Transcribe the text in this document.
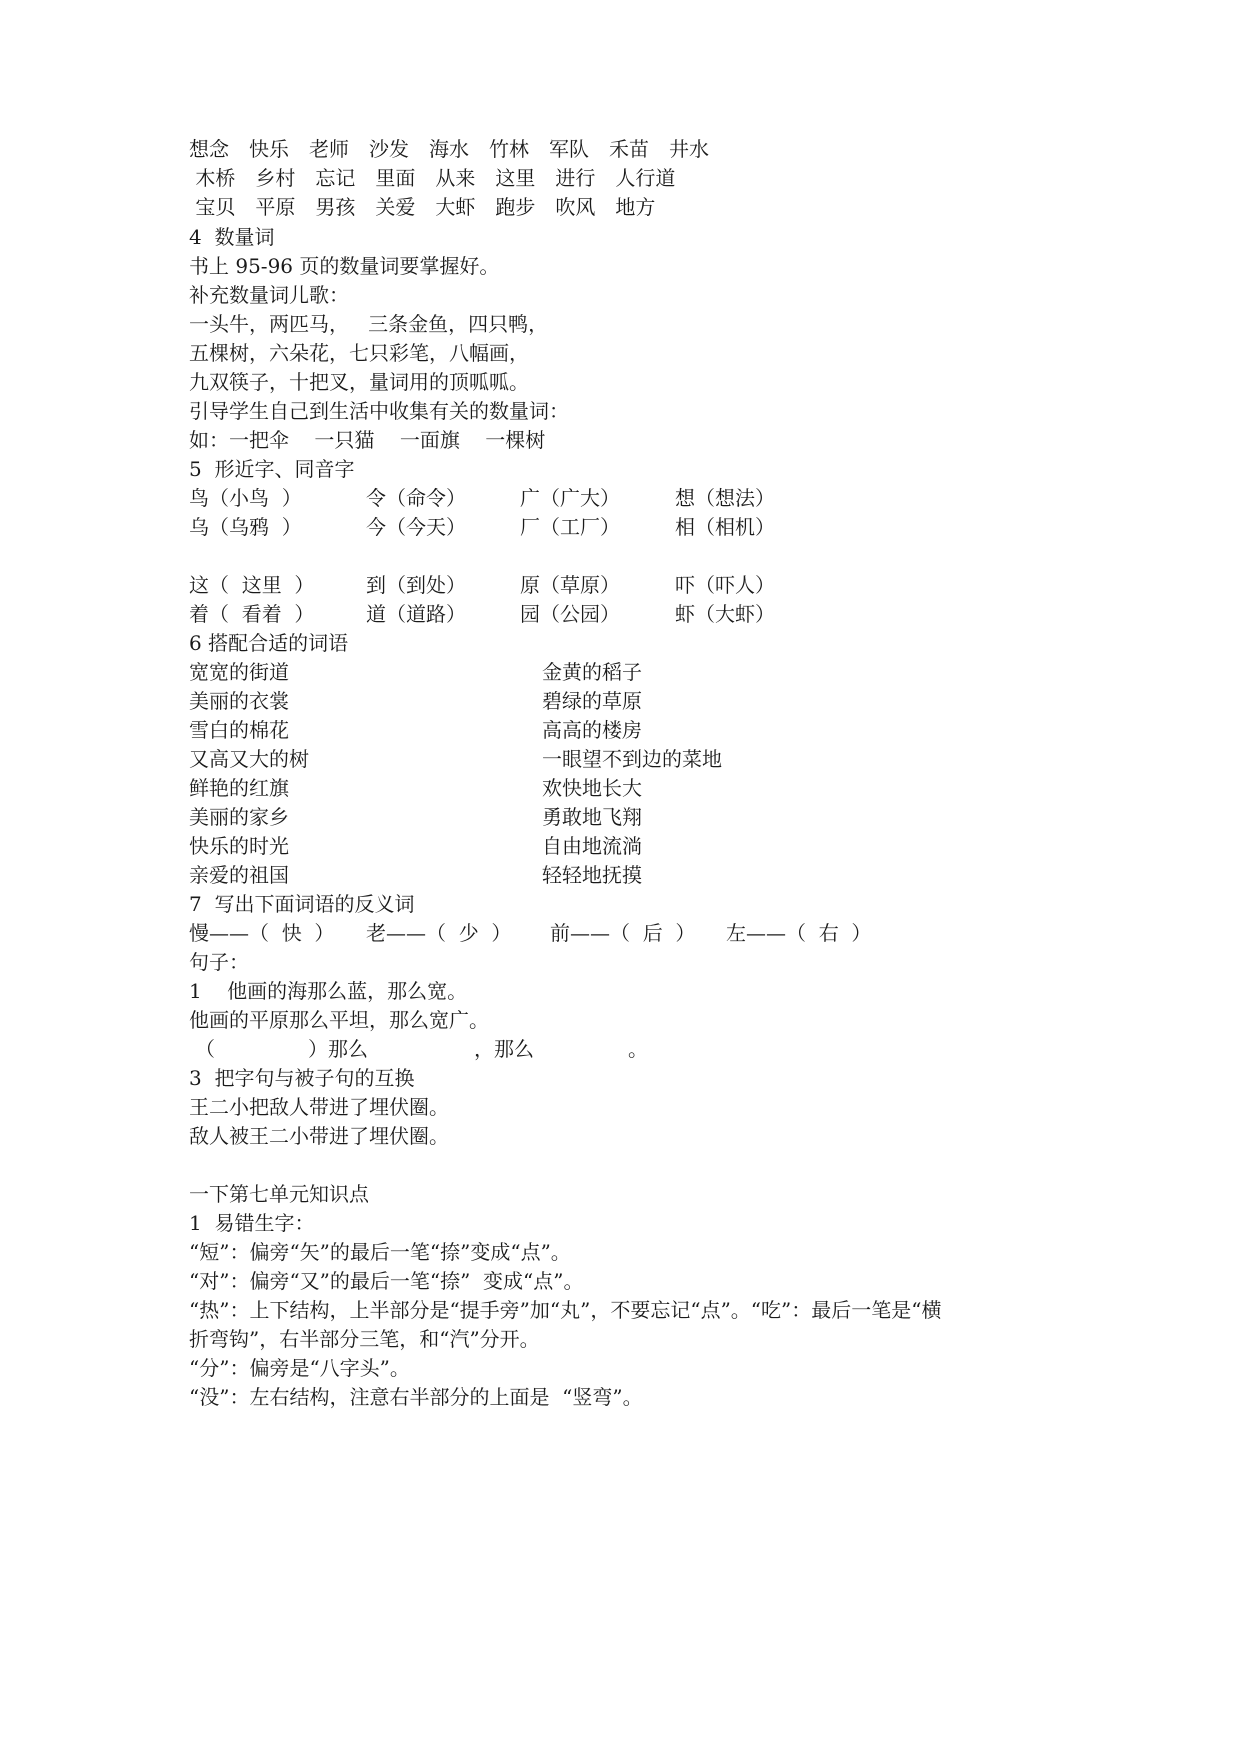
想念　快乐　老师　沙发　海水　竹林　军队　禾苗　井水
木桥　乡村　忘记　里面　从来　这里　进行　人行道
宝贝　平原　男孩　关爱　大虾　跑步　吹风　地方
4  数量词
书上 95-96 页的数量词要掌握好。
补充数量词儿歌：
一头牛，两匹马，   三条金鱼，四只鸭，
五棵树，六朵花，七只彩笔，八幅画，
九双筷子，十把叉，量词用的顶呱呱。
引导学生自己到生活中收集有关的数量词：
如：一把伞    一只猫    一面旗    一棵树
5  形近字、同音字
鸟（小鸟  ）	令（命令）	广（广大）	想（想法）
乌（乌鸦  ）	今（今天）	厂（工厂）	相（相机）
这（  这里  ）	到（到处）	原（草原）	吓（吓人）
着（  看着  ）	道（道路）	园（公园）	虾（大虾）
6 搭配合适的词语
宽宽的街道	金黄的稻子
美丽的衣裳	碧绿的草原
雪白的棉花	高高的楼房
又高又大的树	一眼望不到边的菜地
鲜艳的红旗	欢快地长大
美丽的家乡	勇敢地飞翔
快乐的时光	自由地流淌
亲爱的祖国	轻轻地抚摸
7  写出下面词语的反义词
慢——（  快  ） 老——（  少  ） 前——（  后  ） 左——（  右  ）
句子：
1    他画的海那么蓝，那么宽。
他画的平原那么平坦，那么宽广。
（	）那么	，那么	。
3  把字句与被子句的互换
王二小把敌人带进了埋伏圈。
敌人被王二小带进了埋伏圈。
一下第七单元知识点
1  易错生字：
“短”：偏旁“矢”的最后一笔“捺”变成“点”。
“对”：偏旁“又”的最后一笔“捺”  变成“点”。
“热”：上下结构，上半部分是“提手旁”加“丸”，不要忘记“点”。“吃”：最后一笔是“横
折弯钩”，右半部分三笔，和“汽”分开。
“分”：偏旁是“八字头”。
“没”：左右结构，注意右半部分的上面是  “竖弯”。
